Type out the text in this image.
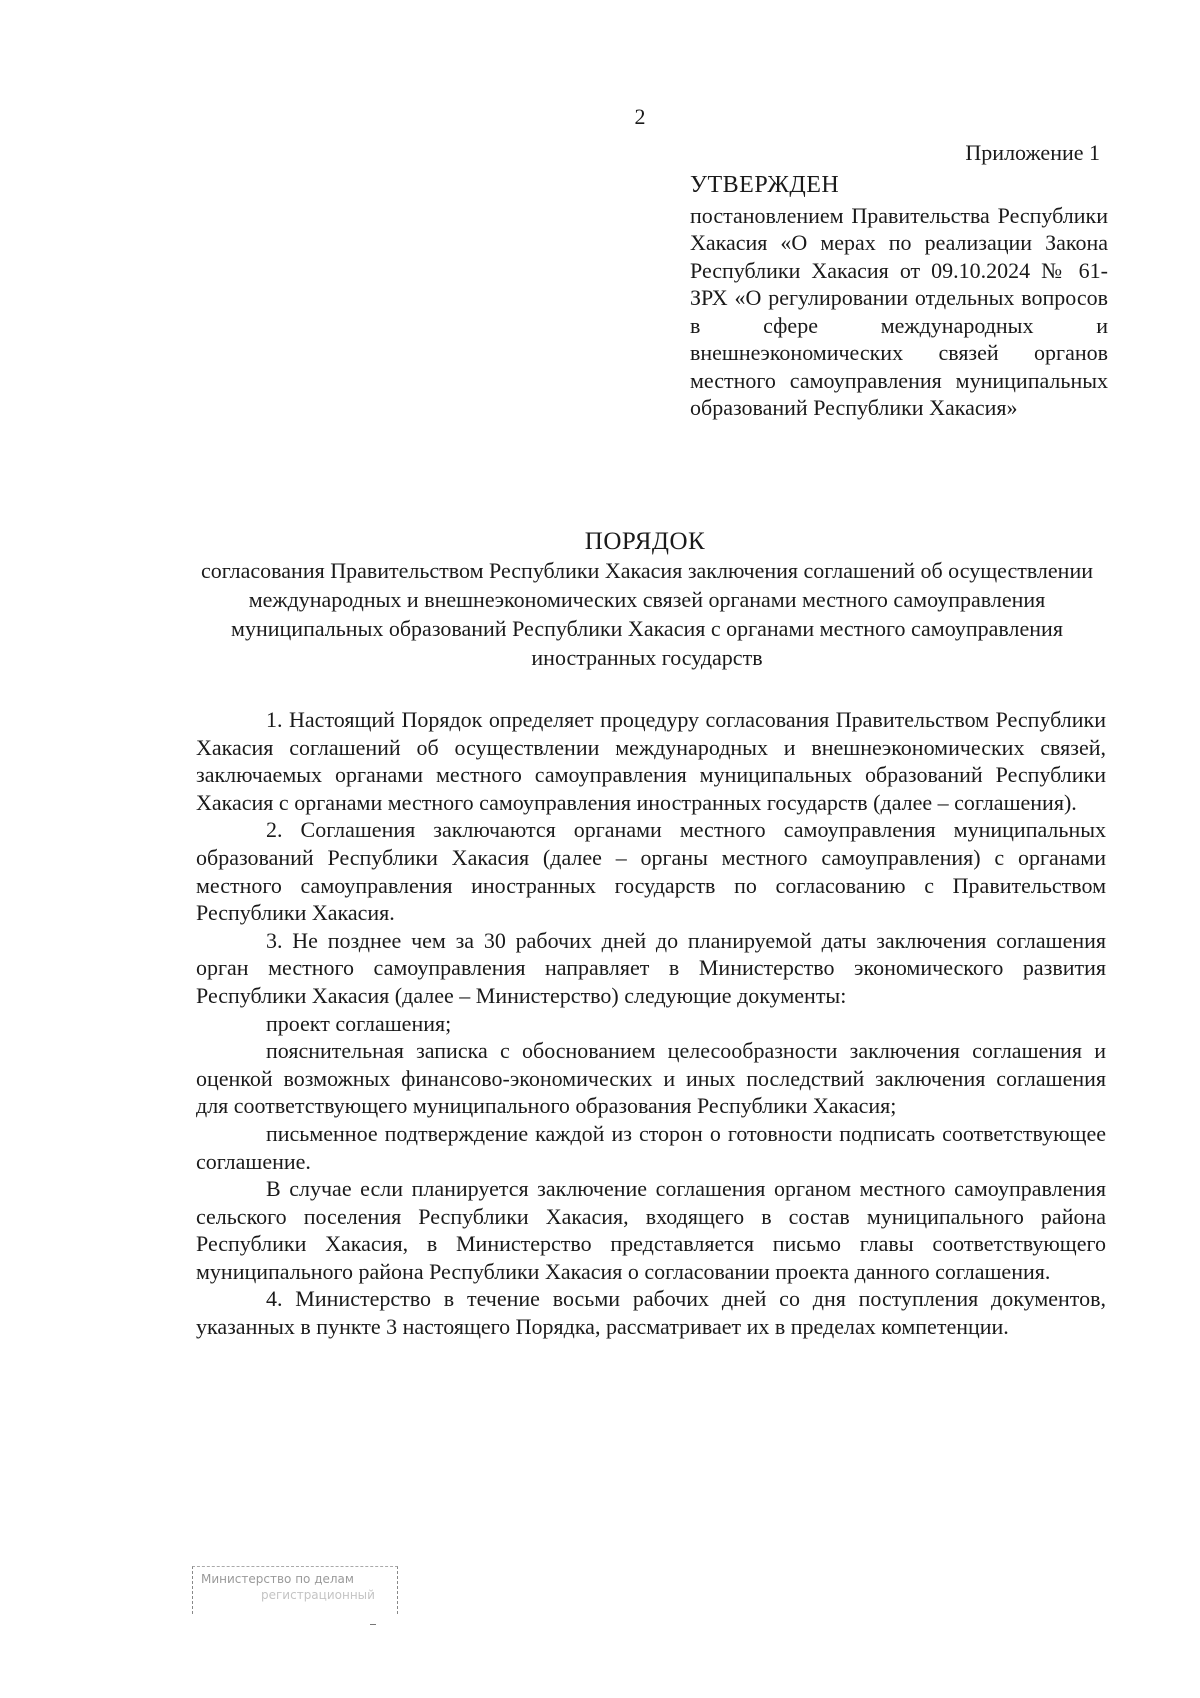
2
Приложение 1
УТВЕРЖДЕН
постановлением Правительства Республики Хакасия «О мерах по реализации Закона Республики Хакасия от 09.10.2024 № 61-ЗРХ «О регулировании отдельных вопросов в сфере международных и внешнеэкономических связей органов местного самоуправления муниципальных образований Республики Хакасия»
ПОРЯДОК
согласования Правительством Республики Хакасия заключения соглашений об осуществлении международных и внешнеэкономических связей органами местного самоуправления муниципальных образований Республики Хакасия с органами местного самоуправления иностранных государств

1. Настоящий Порядок определяет процедуру согласования Правительством Республики Хакасия соглашений об осуществлении международных и внешнеэкономических связей, заключаемых органами местного самоуправления муниципальных образований Республики Хакасия с органами местного самоуправления иностранных государств (далее – соглашения).

2. Соглашения заключаются органами местного самоуправления муниципальных образований Республики Хакасия (далее – органы местного самоуправления) с органами местного самоуправления иностранных государств по согласованию с Правительством Республики Хакасия.

3. Не позднее чем за 30 рабочих дней до планируемой даты заключения соглашения орган местного самоуправления направляет в Министерство экономического развития Республики Хакасия (далее – Министерство) следующие документы:

проект соглашения;

пояснительная записка с обоснованием целесообразности заключения соглашения и оценкой возможных финансово-экономических и иных последствий заключения соглашения для соответствующего муниципального образования Республики Хакасия;

письменное подтверждение каждой из сторон о готовности подписать соответствующее соглашение.

В случае если планируется заключение соглашения органом местного самоуправления сельского поселения Республики Хакасия, входящего в состав муниципального района Республики Хакасия, в Министерство представляется письмо главы соответствующего муниципального района Республики Хакасия о согласовании проекта данного соглашения.

4. Министерство в течение восьми рабочих дней со дня поступления документов, указанных в пункте 3 настоящего Порядка, рассматривает их в пределах компетенции.

Министерство по делам
регистрационный
